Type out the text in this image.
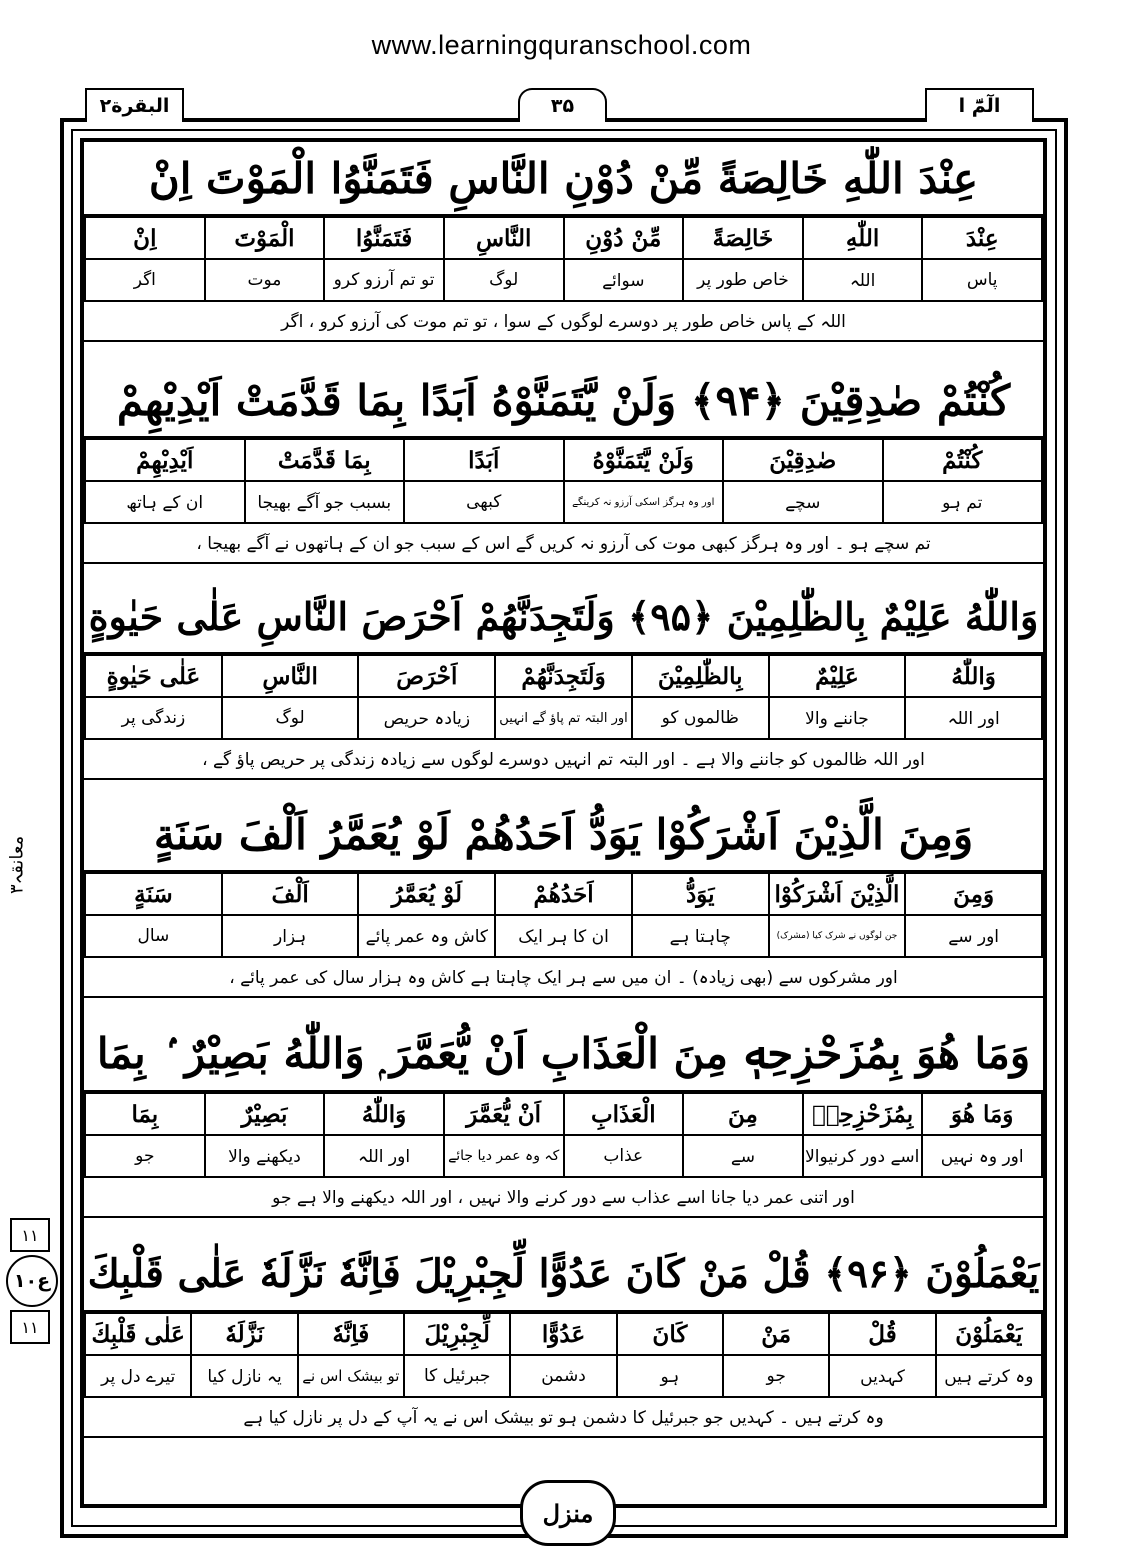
www.learningquranschool.com
البقرة٢	۳۵	الٓمّٓ ا
معانقہ٣
١١
ع١٠
١١
عِنْدَ اللّٰهِ خَالِصَةً مِّنْ دُوْنِ النَّاسِ فَتَمَنَّوُا الْمَوْتَ اِنْ
عِنْدَ	اللّٰهِ	خَالِصَةً	مِّنْ دُوْنِ	النَّاسِ	فَتَمَنَّوُا	الْمَوْتَ	اِنْ
پاس	اللہ	خاص طور پر	سوائے	لوگ	تو تم آرزو کرو	موت	اگر
اللہ کے پاس خاص طور پر دوسرے لوگوں کے سوا ، تو تم موت کی آرزو کرو ، اگر
كُنْتُمْ صٰدِقِيْنَ ﴿۹۴﴾ وَلَنْ يَّتَمَنَّوْهُ اَبَدًا بِمَا قَدَّمَتْ اَيْدِيْهِمْ
كُنْتُمْ	صٰدِقِيْنَ	وَلَنْ يَّتَمَنَّوْهُ	اَبَدًا	بِمَا قَدَّمَتْ	اَيْدِيْهِمْ
تم ہو	سچے	اور وہ ہرگز اسکی آرزو نہ کرینگے	کبھی	بسبب جو آگے بھیجا	ان کے ہاتھ
تم سچے ہو ۔ اور وہ ہرگز کبھی موت کی آرزو نہ کریں گے اس کے سبب جو ان کے ہاتھوں نے آگے بھیجا ،
وَاللّٰهُ عَلِيْمٌ بِالظّٰلِمِيْنَ ﴿۹۵﴾ وَلَتَجِدَنَّهُمْ اَحْرَصَ النَّاسِ عَلٰى حَيٰوةٍ
وَاللّٰهُ	عَلِيْمٌ	بِالظّٰلِمِيْنَ	وَلَتَجِدَنَّهُمْ	اَحْرَصَ	النَّاسِ	عَلٰى حَيٰوةٍ
اور اللہ	جاننے والا	ظالموں کو	اور البتہ تم پاؤ گے انہیں	زیادہ حریص	لوگ	زندگی پر
اور اللہ ظالموں کو جاننے والا ہے ۔ اور البتہ تم انہیں دوسرے لوگوں سے زیادہ زندگی پر حریص پاؤ گے ،
وَمِنَ الَّذِيْنَ اَشْرَكُوْا يَوَدُّ اَحَدُهُمْ لَوْ يُعَمَّرُ اَلْفَ سَنَةٍ
وَمِنَ	الَّذِيْنَ اَشْرَكُوْا	يَوَدُّ	اَحَدُهُمْ	لَوْ يُعَمَّرُ	اَلْفَ	سَنَةٍ
اور سے	جن لوگوں نے شرک کیا (مشرک)	چاہتا ہے	ان کا ہر ایک	کاش وہ عمر پائے	ہزار	سال
اور مشرکوں سے (بھی زیادہ) ۔ ان میں سے ہر ایک چاہتا ہے کاش وہ ہزار سال کی عمر پائے ،
وَمَا هُوَ بِمُزَحْزِحِهٖ مِنَ الْعَذَابِ اَنْ يُّعَمَّرَ ۭ وَاللّٰهُ بَصِيْرٌ ۢ بِمَا
وَمَا هُوَ	بِمُزَحْزِحِهٖ	مِنَ	الْعَذَابِ	اَنْ يُّعَمَّرَ	وَاللّٰهُ	بَصِيْرٌ	بِمَا
اور وہ نہیں	اسے دور کرنیوالا	سے	عذاب	کہ وہ عمر دیا جائے	اور اللہ	دیکھنے والا	جو
اور اتنی عمر دیا جانا اسے عذاب سے دور کرنے والا نہیں ، اور اللہ دیکھنے والا ہے جو
يَعْمَلُوْنَ ﴿۹۶﴾ قُلْ مَنْ كَانَ عَدُوًّا لِّجِبْرِيْلَ فَاِنَّهٗ نَزَّلَهٗ عَلٰى قَلْبِكَ
يَعْمَلُوْنَ	قُلْ	مَنْ	كَانَ	عَدُوًّا	لِّجِبْرِيْلَ	فَاِنَّهٗ	نَزَّلَهٗ	عَلٰى قَلْبِكَ
وہ کرتے ہیں	کہدیں	جو	ہو	دشمن	جبرئیل کا	تو بیشک اس نے	یہ نازل کیا	تیرے دل پر
وہ کرتے ہیں ۔ کہدیں جو جبرئیل کا دشمن ہو تو بیشک اس نے یہ آپ کے دل پر نازل کیا ہے
منزل
